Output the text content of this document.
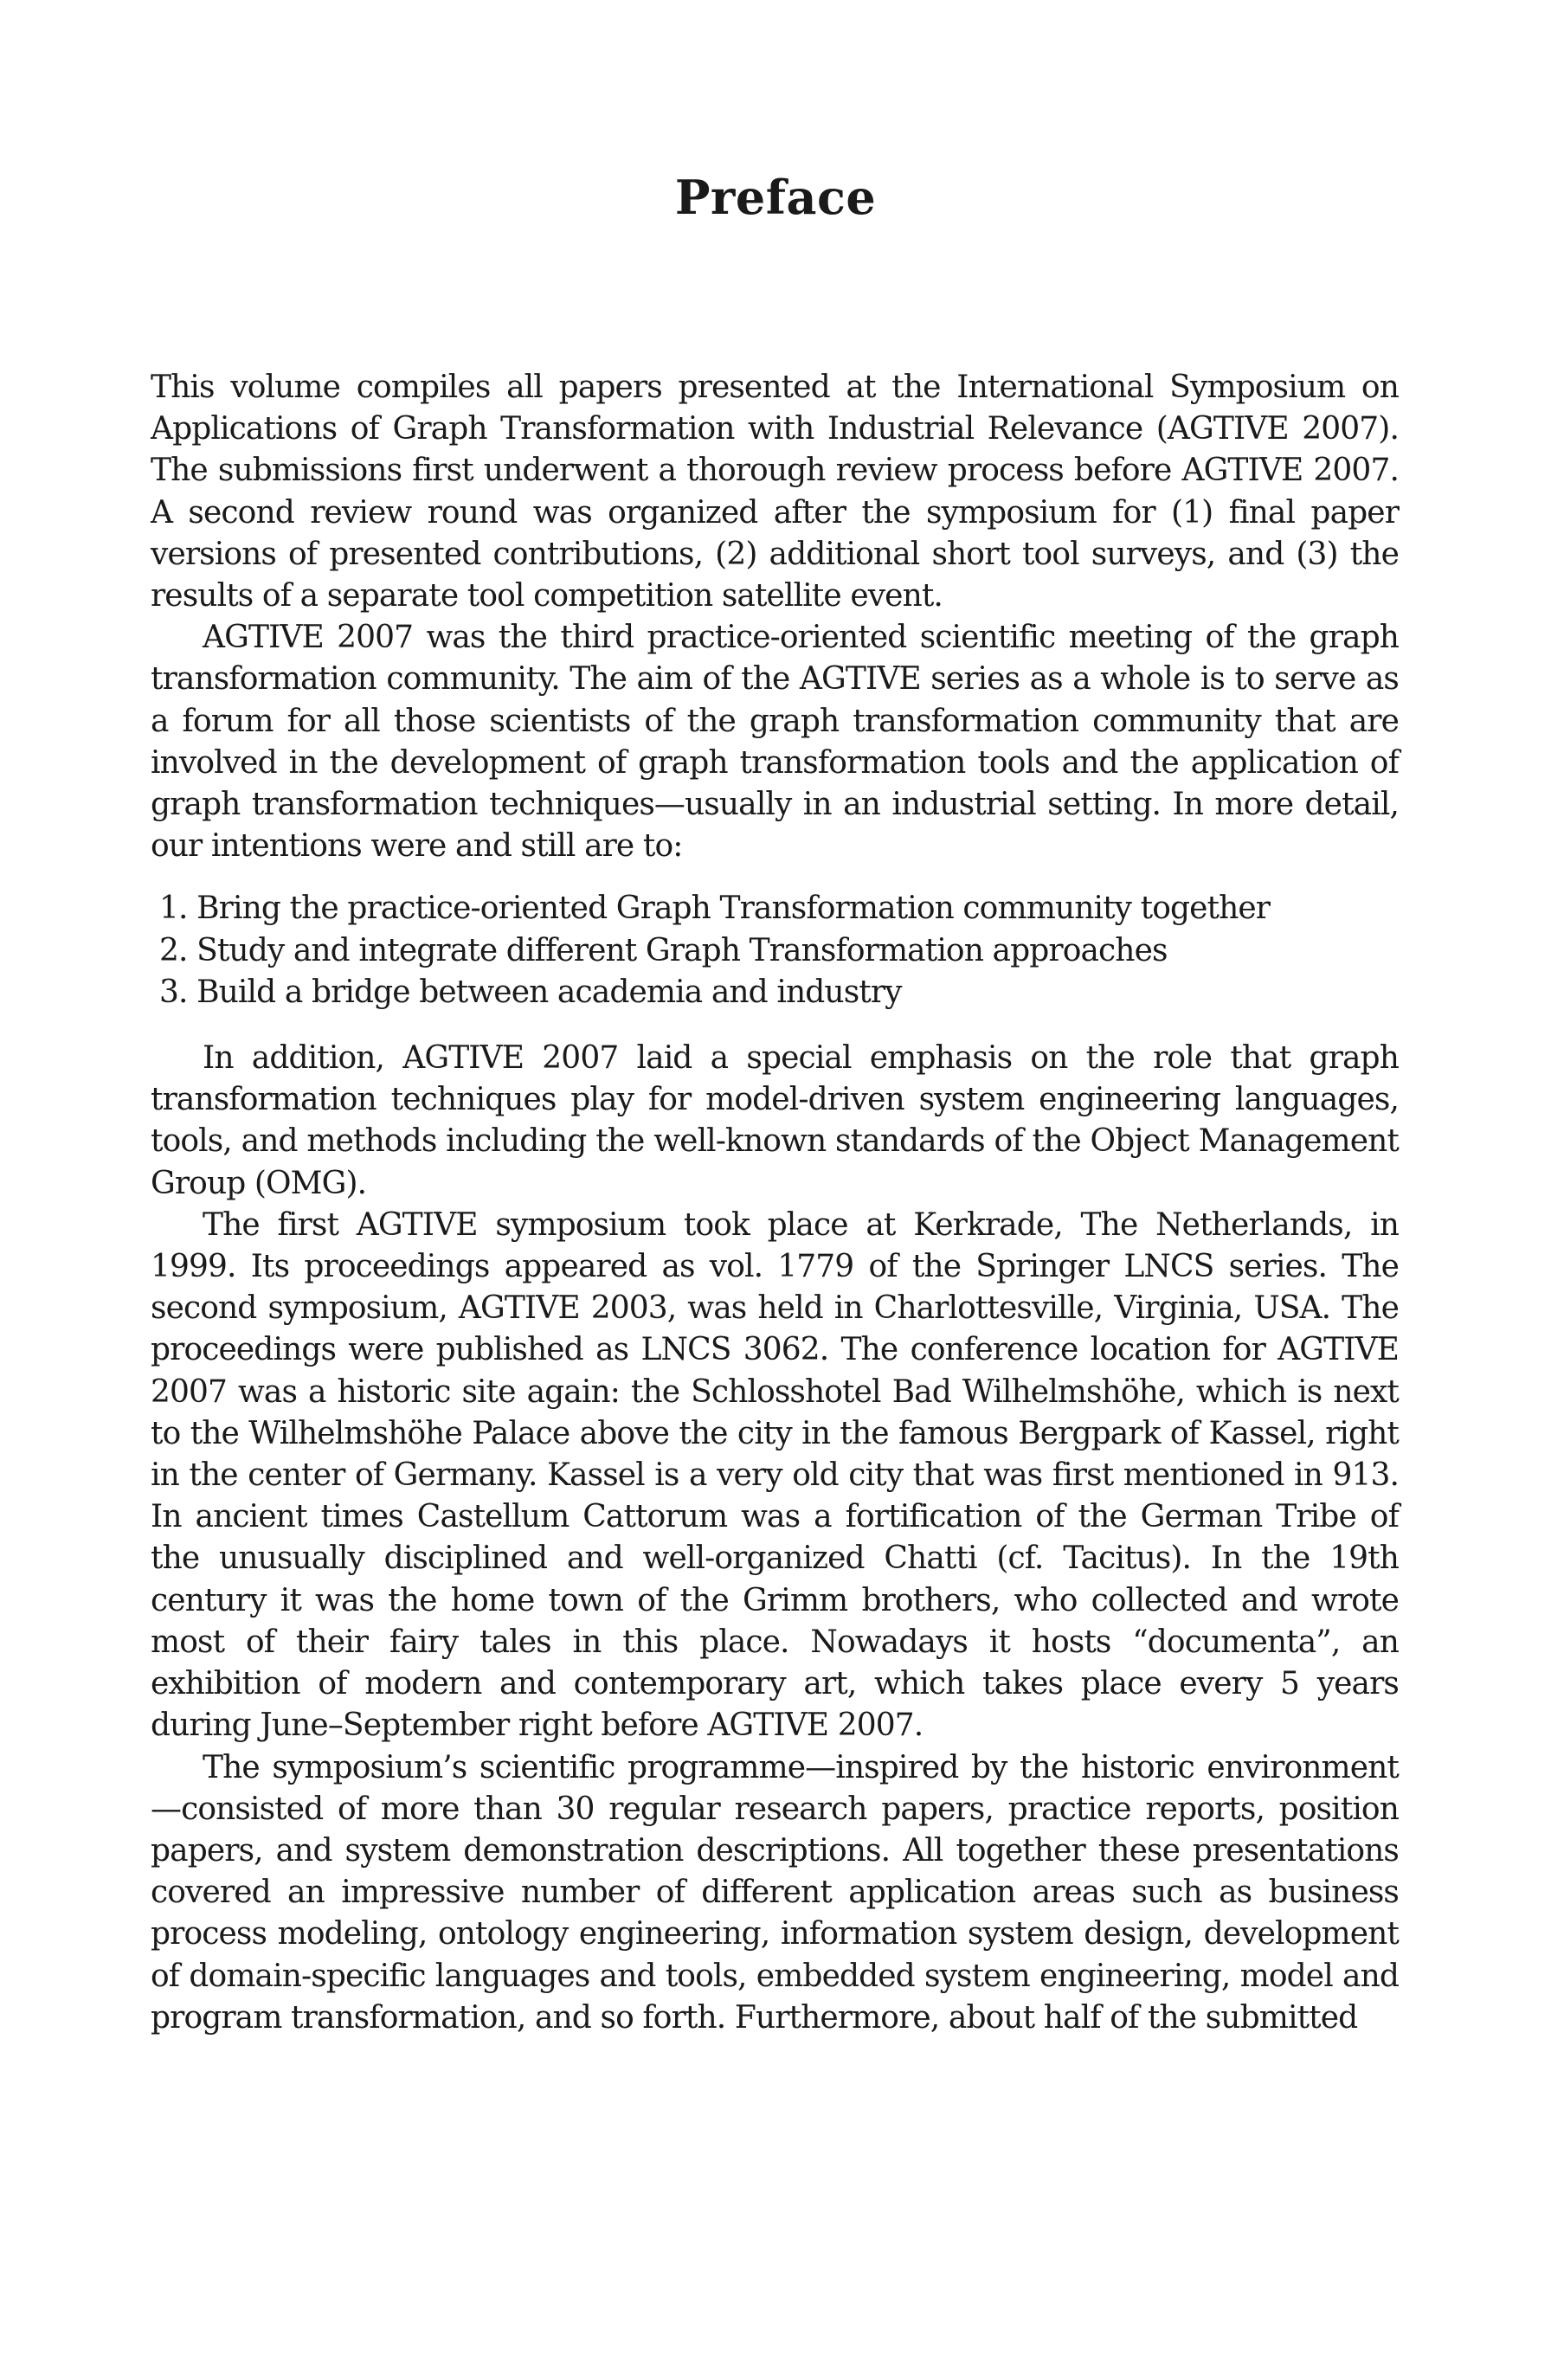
Preface

This volume compiles all papers presented at the International Symposium on Applications of Graph Transformation with Industrial Relevance (AGTIVE 2007). The submissions first underwent a thorough review process before AGTIVE 2007. A second review round was organized after the symposium for (1) final paper versions of presented contributions, (2) additional short tool surveys, and (3) the results of a separate tool competition satellite event.

AGTIVE 2007 was the third practice-oriented scientific meeting of the graph transformation community. The aim of the AGTIVE series as a whole is to serve as a forum for all those scientists of the graph transformation community that are involved in the development of graph transformation tools and the application of graph transformation techniques—usually in an industrial setting. In more detail, our intentions were and still are to:

1. Bring the practice-oriented Graph Transformation community together
2. Study and integrate different Graph Transformation approaches
3. Build a bridge between academia and industry

In addition, AGTIVE 2007 laid a special emphasis on the role that graph transformation techniques play for model-driven system engineering languages, tools, and methods including the well-known standards of the Object Management Group (OMG).

The first AGTIVE symposium took place at Kerkrade, The Netherlands, in 1999. Its proceedings appeared as vol. 1779 of the Springer LNCS series. The second symposium, AGTIVE 2003, was held in Charlottesville, Virginia, USA. The proceedings were published as LNCS 3062. The conference location for AGTIVE 2007 was a historic site again: the Schlosshotel Bad Wilhelmshöhe, which is next to the Wilhelmshöhe Palace above the city in the famous Bergpark of Kassel, right in the center of Germany. Kassel is a very old city that was first mentioned in 913. In ancient times Castellum Cattorum was a fortification of the German Tribe of the unusually disciplined and well-organized Chatti (cf. Tacitus). In the 19th century it was the home town of the Grimm brothers, who collected and wrote most of their fairy tales in this place. Nowadays it hosts “documenta”, an exhibition of modern and contemporary art, which takes place every 5 years during June–September right before AGTIVE 2007.

The symposium’s scientific programme—inspired by the historic environment —consisted of more than 30 regular research papers, practice reports, position papers, and system demonstration descriptions. All together these presentations covered an impressive number of different application areas such as business process modeling, ontology engineering, information system design, development of domain-specific languages and tools, embedded system engineering, model and program transformation, and so forth. Furthermore, about half of the submitted
